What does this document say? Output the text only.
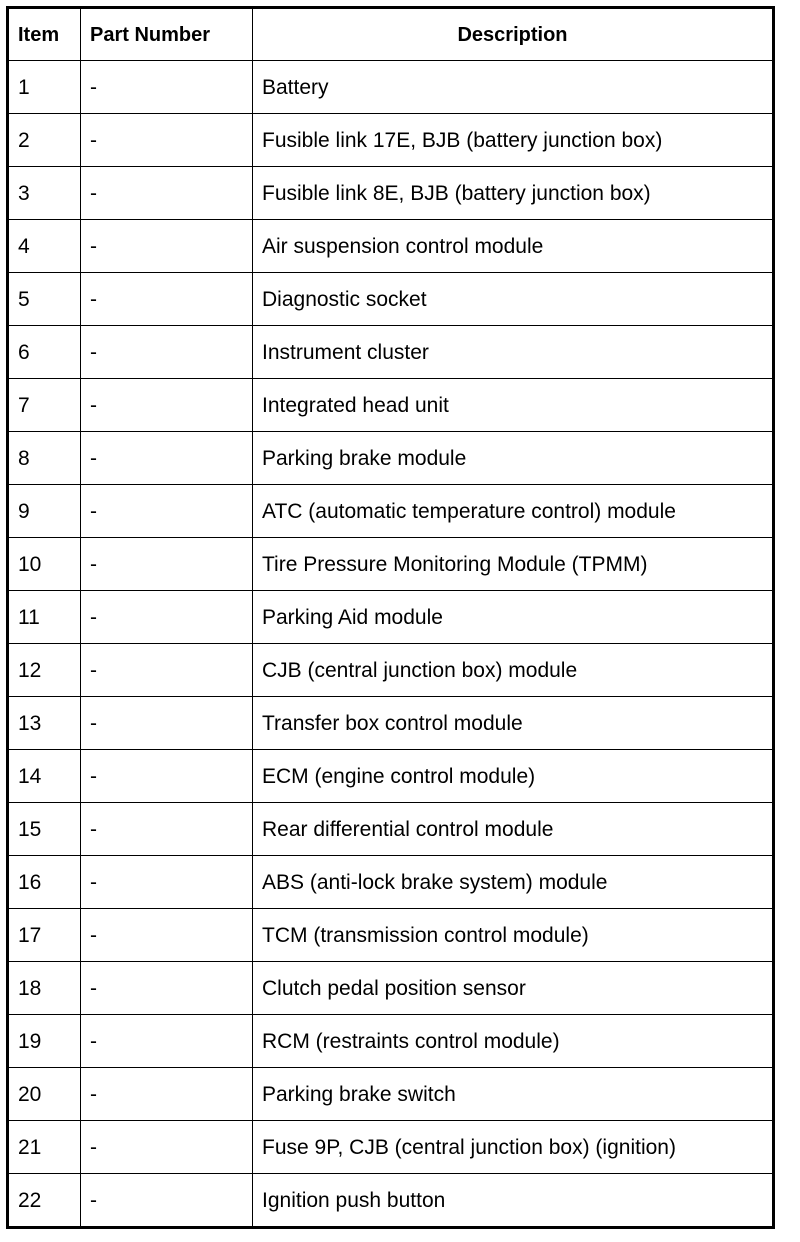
Item	Part Number	Description
1	-	Battery
2	-	Fusible link 17E, BJB (battery junction box)
3	-	Fusible link 8E, BJB (battery junction box)
4	-	Air suspension control module
5	-	Diagnostic socket
6	-	Instrument cluster
7	-	Integrated head unit
8	-	Parking brake module
9	-	ATC (automatic temperature control) module
10	-	Tire Pressure Monitoring Module (TPMM)
11	-	Parking Aid module
12	-	CJB (central junction box) module
13	-	Transfer box control module
14	-	ECM (engine control module)
15	-	Rear differential control module
16	-	ABS (anti-lock brake system) module
17	-	TCM (transmission control module)
18	-	Clutch pedal position sensor
19	-	RCM (restraints control module)
20	-	Parking brake switch
21	-	Fuse 9P, CJB (central junction box) (ignition)
22	-	Ignition push button
